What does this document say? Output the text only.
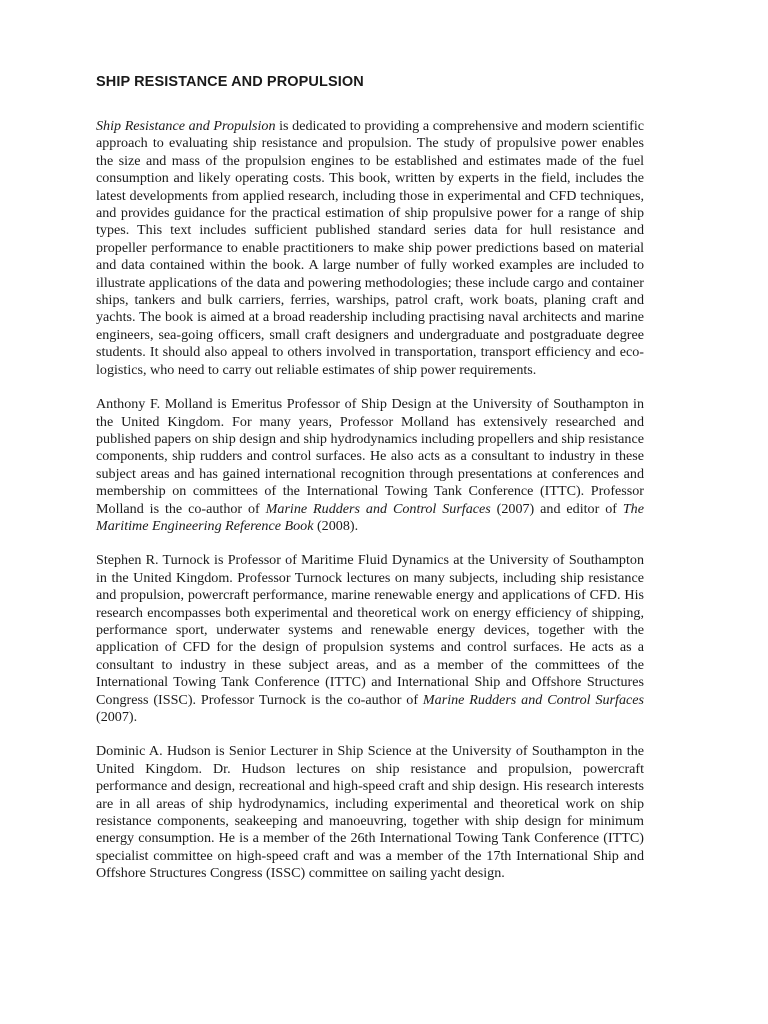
SHIP RESISTANCE AND PROPULSION

Ship Resistance and Propulsion is dedicated to providing a comprehensive and modern scientific approach to evaluating ship resistance and propulsion. The study of propulsive power enables the size and mass of the propulsion engines to be established and estimates made of the fuel consumption and likely operating costs. This book, written by experts in the field, includes the latest developments from applied research, including those in experimental and CFD techniques, and provides guidance for the practical estimation of ship propulsive power for a range of ship types. This text includes sufficient published standard series data for hull resistance and propeller performance to enable practitioners to make ship power predictions based on material and data contained within the book. A large number of fully worked examples are included to illustrate applications of the data and powering methodologies; these include cargo and container ships, tankers and bulk carriers, ferries, warships, patrol craft, work boats, planing craft and yachts. The book is aimed at a broad readership including practising naval architects and marine engineers, sea-going officers, small craft designers and undergraduate and postgraduate degree students. It should also appeal to others involved in transportation, transport efficiency and eco-logistics, who need to carry out reliable estimates of ship power requirements.

Anthony F. Molland is Emeritus Professor of Ship Design at the University of Southampton in the United Kingdom. For many years, Professor Molland has extensively researched and published papers on ship design and ship hydrodynamics including propellers and ship resistance components, ship rudders and control surfaces. He also acts as a consultant to industry in these subject areas and has gained international recognition through presentations at conferences and membership on committees of the International Towing Tank Conference (ITTC). Professor Molland is the co-author of Marine Rudders and Control Surfaces (2007) and editor of The Maritime Engineering Reference Book (2008).

Stephen R. Turnock is Professor of Maritime Fluid Dynamics at the University of Southampton in the United Kingdom. Professor Turnock lectures on many subjects, including ship resistance and propulsion, powercraft performance, marine renewable energy and applications of CFD. His research encompasses both experimental and theoretical work on energy efficiency of shipping, performance sport, underwater systems and renewable energy devices, together with the application of CFD for the design of propulsion systems and control surfaces. He acts as a consultant to industry in these subject areas, and as a member of the committees of the International Towing Tank Conference (ITTC) and International Ship and Offshore Structures Congress (ISSC). Professor Turnock is the co-author of Marine Rudders and Control Surfaces (2007).

Dominic A. Hudson is Senior Lecturer in Ship Science at the University of Southampton in the United Kingdom. Dr. Hudson lectures on ship resistance and propulsion, powercraft performance and design, recreational and high-speed craft and ship design. His research interests are in all areas of ship hydrodynamics, including experimental and theoretical work on ship resistance components, seakeeping and manoeuvring, together with ship design for minimum energy consumption. He is a member of the 26th International Towing Tank Conference (ITTC) specialist committee on high-speed craft and was a member of the 17th International Ship and Offshore Structures Congress (ISSC) committee on sailing yacht design.
